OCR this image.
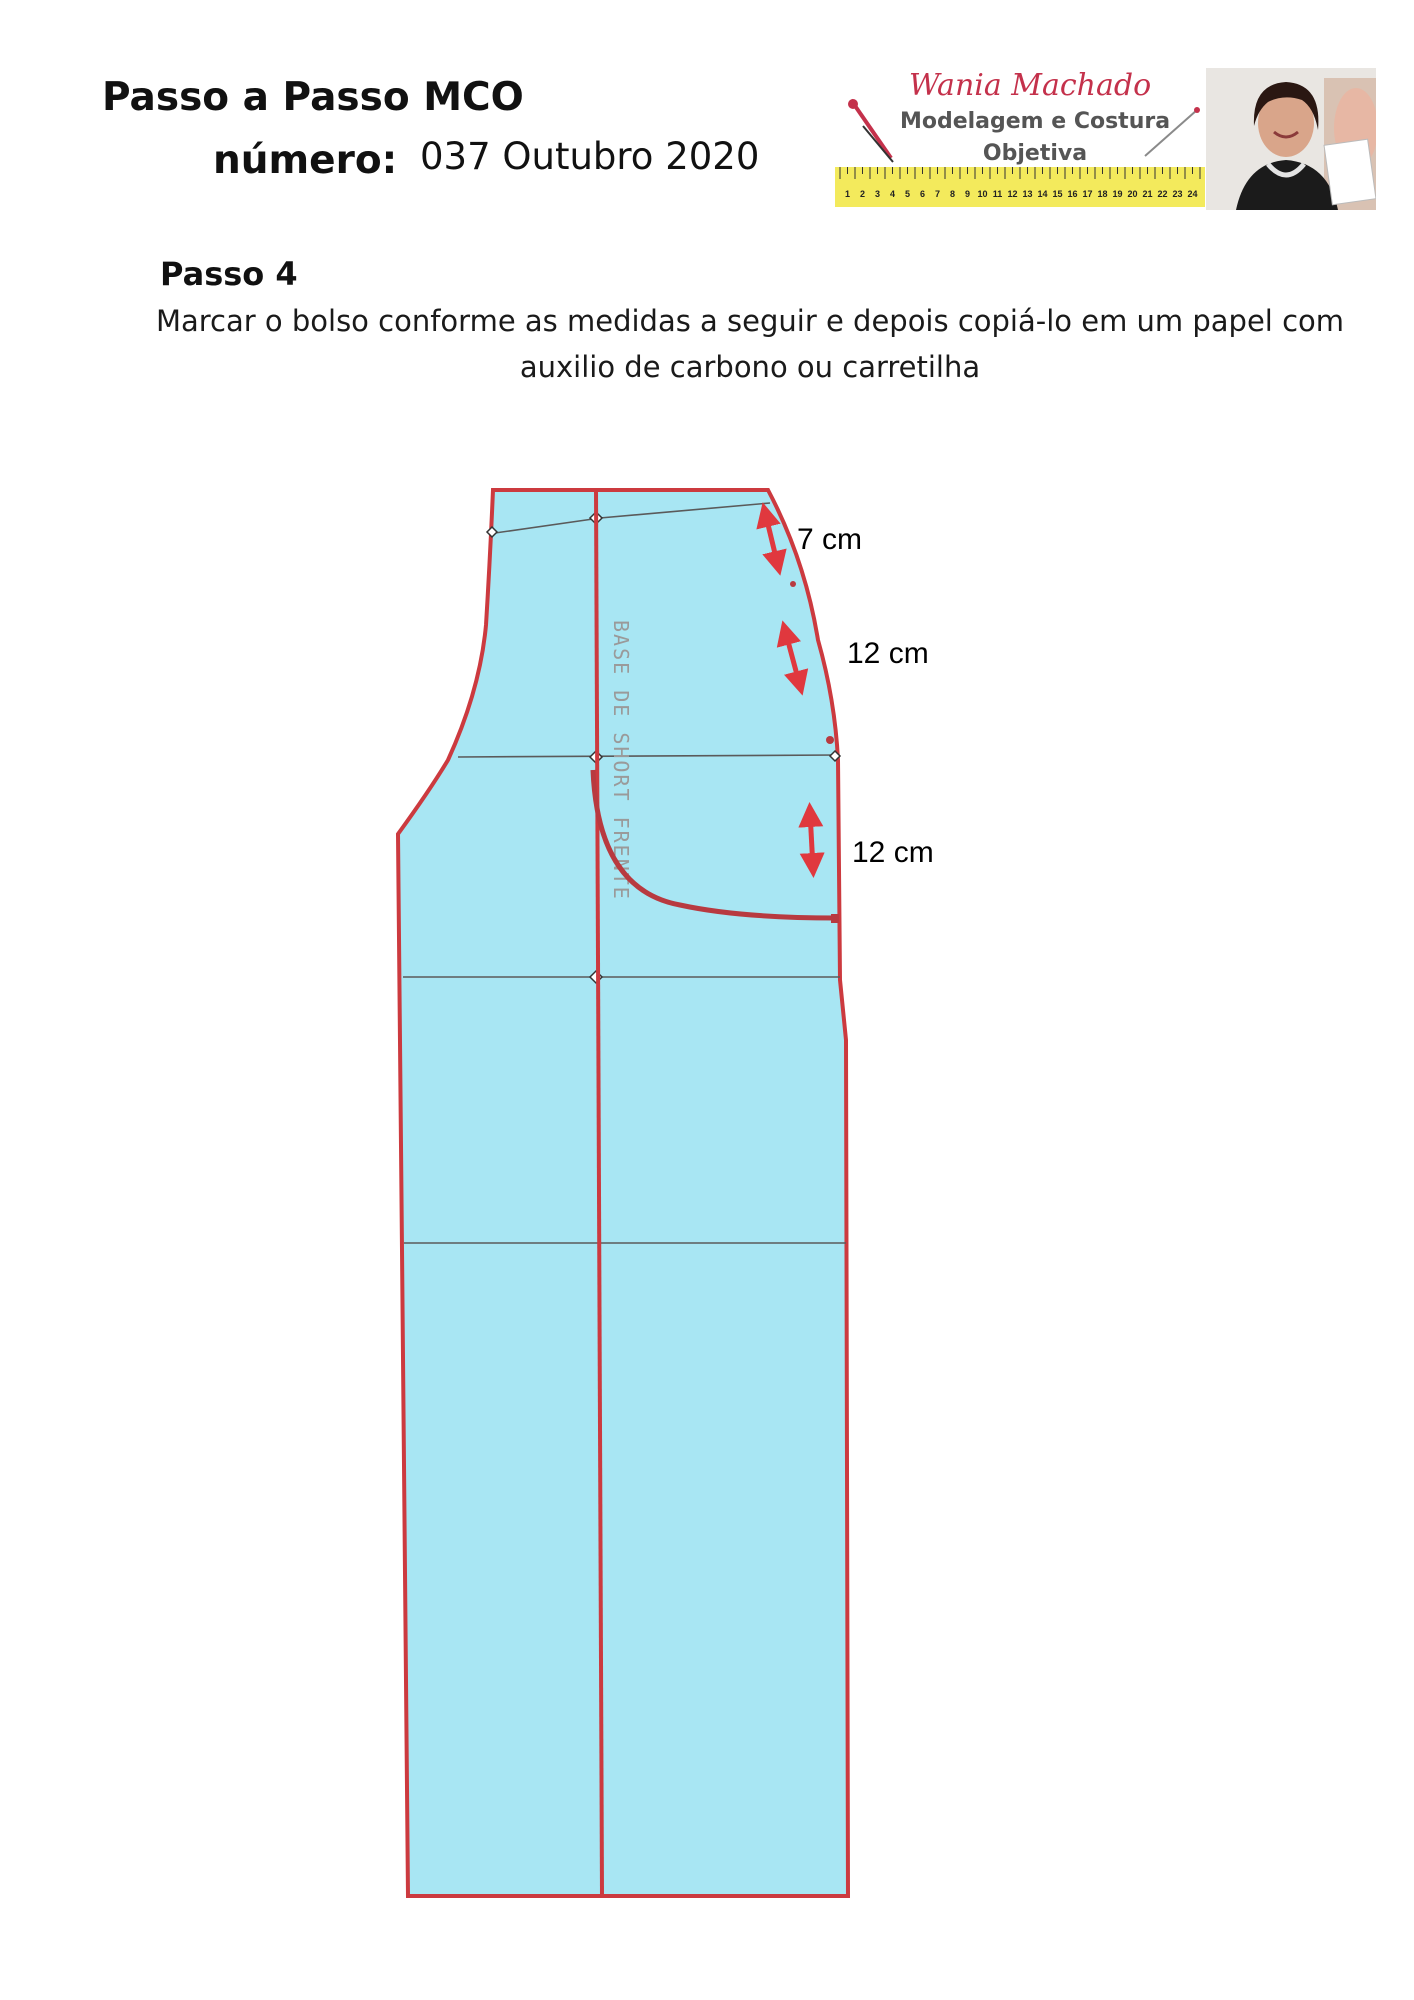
Passo a Passo MCO
número: 037 Outubro 2020
Wania Machado
Modelagem e Costura
Objetiva
1 2 3 4 5 6 7 8 9 10 11 12 13 14 15 16 17 18 19 20 21 22 23 24
Passo 4
Marcar o bolso conforme as medidas a seguir e depois copiá-lo em um papel com auxilio de carbono ou carretilha
BASE DE SHORT FRENTE
7 cm
12 cm
12 cm
